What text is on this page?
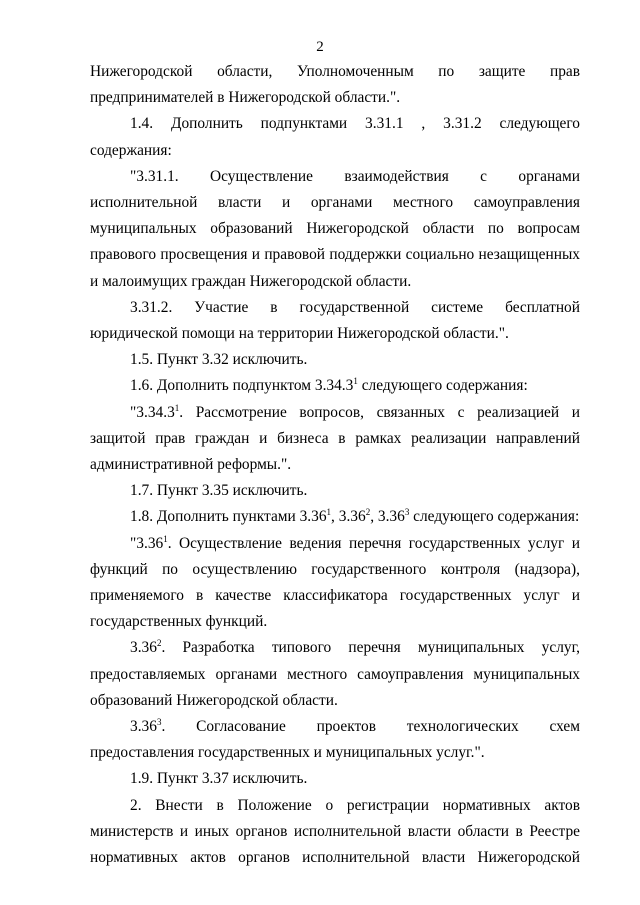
2

Нижегородской области, Уполномоченным по защите прав предпринимателей в Нижегородской области.".

1.4. Дополнить подпунктами 3.31.1 , 3.31.2 следующего содержания:

"3.31.1. Осуществление взаимодействия с органами исполнительной власти и органами местного самоуправления муниципальных образований Нижегородской области по вопросам правового просвещения и правовой поддержки социально незащищенных и малоимущих граждан Нижегородской области.

3.31.2. Участие в государственной системе бесплатной юридической помощи на территории Нижегородской области.".

1.5. Пункт 3.32 исключить.

1.6. Дополнить подпунктом 3.34.3$^1$ следующего содержания:

"3.34.3$^1$. Рассмотрение вопросов, связанных с реализацией и защитой прав граждан и бизнеса в рамках реализации направлений административной реформы.".

1.7. Пункт 3.35 исключить.

1.8. Дополнить пунктами 3.36$^1$, 3.36$^2$, 3.36$^3$ следующего содержания:

"3.36$^1$. Осуществление ведения перечня государственных услуг и функций по осуществлению государственного контроля (надзора), применяемого в качестве классификатора государственных услуг и государственных функций.

3.36$^2$. Разработка типового перечня муниципальных услуг, предоставляемых органами местного самоуправления муниципальных образований Нижегородской области.

3.36$^3$. Согласование проектов технологических схем предоставления государственных и муниципальных услуг.".

1.9. Пункт 3.37 исключить.

2. Внести в Положение о регистрации нормативных актов министерств и иных органов исполнительной власти области в Реестре нормативных актов органов исполнительной власти Нижегородской
